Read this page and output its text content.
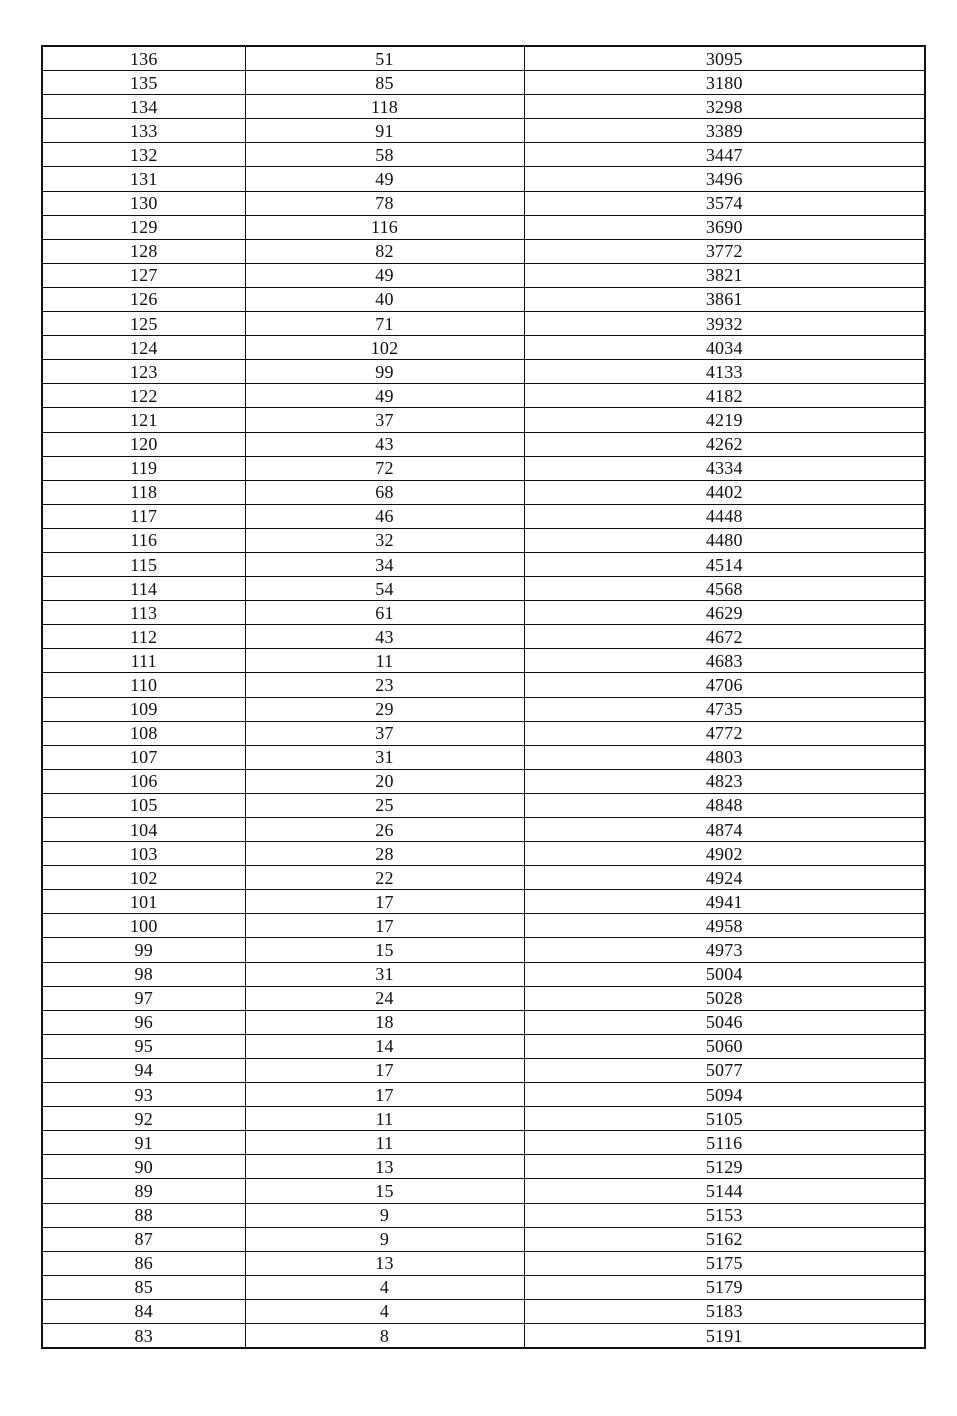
136	51	3095
135	85	3180
134	118	3298
133	91	3389
132	58	3447
131	49	3496
130	78	3574
129	116	3690
128	82	3772
127	49	3821
126	40	3861
125	71	3932
124	102	4034
123	99	4133
122	49	4182
121	37	4219
120	43	4262
119	72	4334
118	68	4402
117	46	4448
116	32	4480
115	34	4514
114	54	4568
113	61	4629
112	43	4672
111	11	4683
110	23	4706
109	29	4735
108	37	4772
107	31	4803
106	20	4823
105	25	4848
104	26	4874
103	28	4902
102	22	4924
101	17	4941
100	17	4958
99	15	4973
98	31	5004
97	24	5028
96	18	5046
95	14	5060
94	17	5077
93	17	5094
92	11	5105
91	11	5116
90	13	5129
89	15	5144
88	9	5153
87	9	5162
86	13	5175
85	4	5179
84	4	5183
83	8	5191
